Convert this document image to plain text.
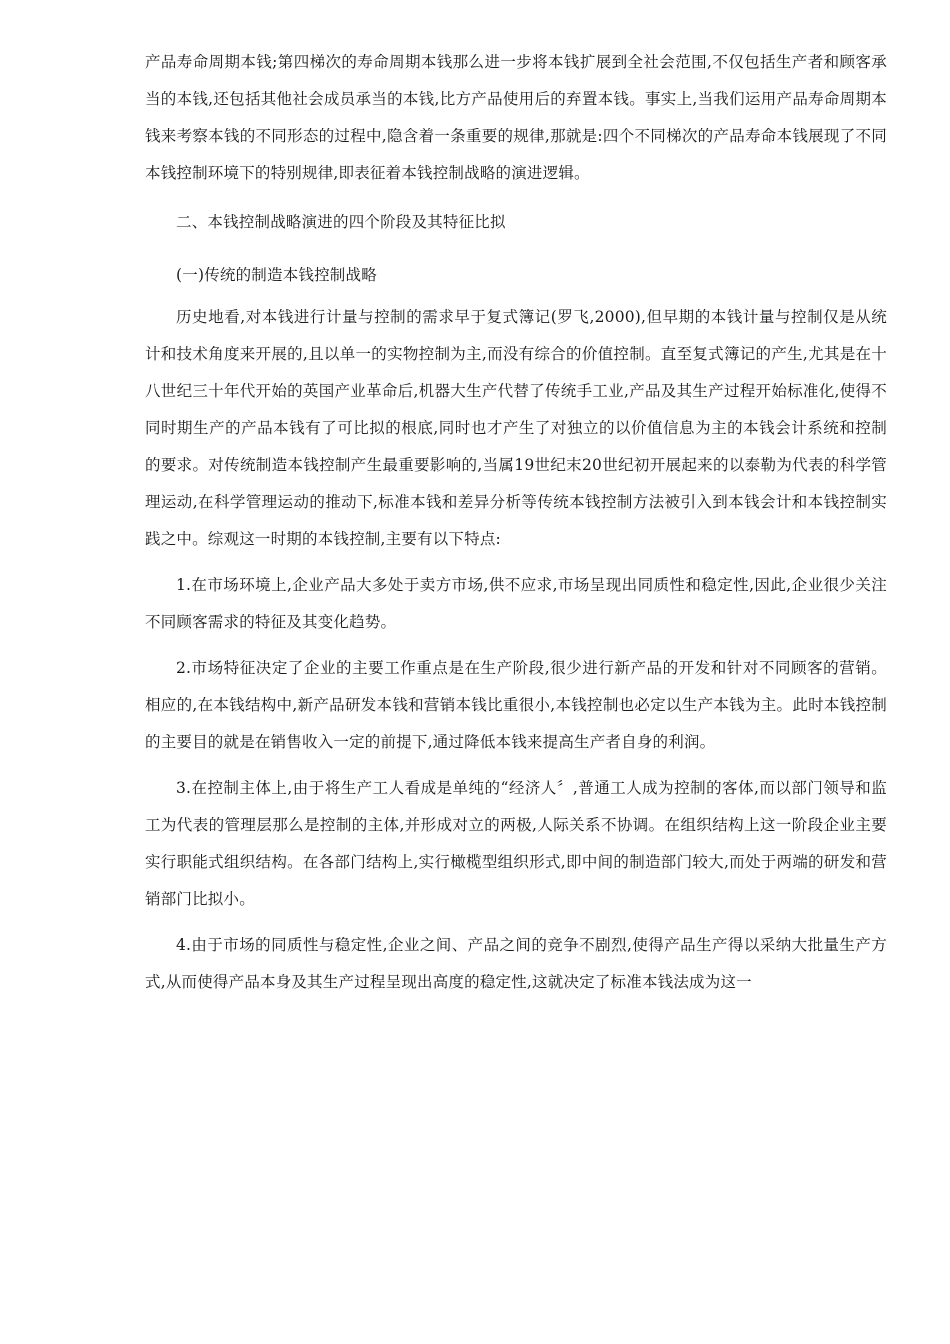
产品寿命周期本钱;第四梯次的寿命周期本钱那么进一步将本钱扩展到全社会范围,不仅包括生产者和顾客承当的本钱,还包括其他社会成员承当的本钱,比方产品使用后的弃置本钱。事实上,当我们运用产品寿命周期本钱来考察本钱的不同形态的过程中,隐含着一条重要的规律,那就是:四个不同梯次的产品寿命本钱展现了不同本钱控制环境下的特别规律,即表征着本钱控制战略的演进逻辑。

二、本钱控制战略演进的四个阶段及其特征比拟

(一)传统的制造本钱控制战略

历史地看,对本钱进行计量与控制的需求早于复式簿记(罗飞,2000),但早期的本钱计量与控制仅是从统计和技术角度来开展的,且以单一的实物控制为主,而没有综合的价值控制。直至复式簿记的产生,尤其是在十八世纪三十年代开始的英国产业革命后,机器大生产代替了传统手工业,产品及其生产过程开始标准化,使得不同时期生产的产品本钱有了可比拟的根底,同时也才产生了对独立的以价值信息为主的本钱会计系统和控制的要求。对传统制造本钱控制产生最重要影响的,当属19世纪末20世纪初开展起来的以泰勒为代表的科学管理运动,在科学管理运动的推动下,标准本钱和差异分析等传统本钱控制方法被引入到本钱会计和本钱控制实践之中。综观这一时期的本钱控制,主要有以下特点:

1.在市场环境上,企业产品大多处于卖方市场,供不应求,市场呈现出同质性和稳定性,因此,企业很少关注不同顾客需求的特征及其变化趋势。

2.市场特征决定了企业的主要工作重点是在生产阶段,很少进行新产品的开发和针对不同顾客的营销。相应的,在本钱结构中,新产品研发本钱和营销本钱比重很小,本钱控制也必定以生产本钱为主。此时本钱控制的主要目的就是在销售收入一定的前提下,通过降低本钱来提高生产者自身的利润。

3.在控制主体上,由于将生产工人看成是单纯的“经济人〞,普通工人成为控制的客体,而以部门领导和监工为代表的管理层那么是控制的主体,并形成对立的两极,人际关系不协调。在组织结构上这一阶段企业主要实行职能式组织结构。在各部门结构上,实行橄榄型组织形式,即中间的制造部门较大,而处于两端的研发和营销部门比拟小。

4.由于市场的同质性与稳定性,企业之间、产品之间的竞争不剧烈,使得产品生产得以采纳大批量生产方式,从而使得产品本身及其生产过程呈现出高度的稳定性,这就决定了标准本钱法成为这一
